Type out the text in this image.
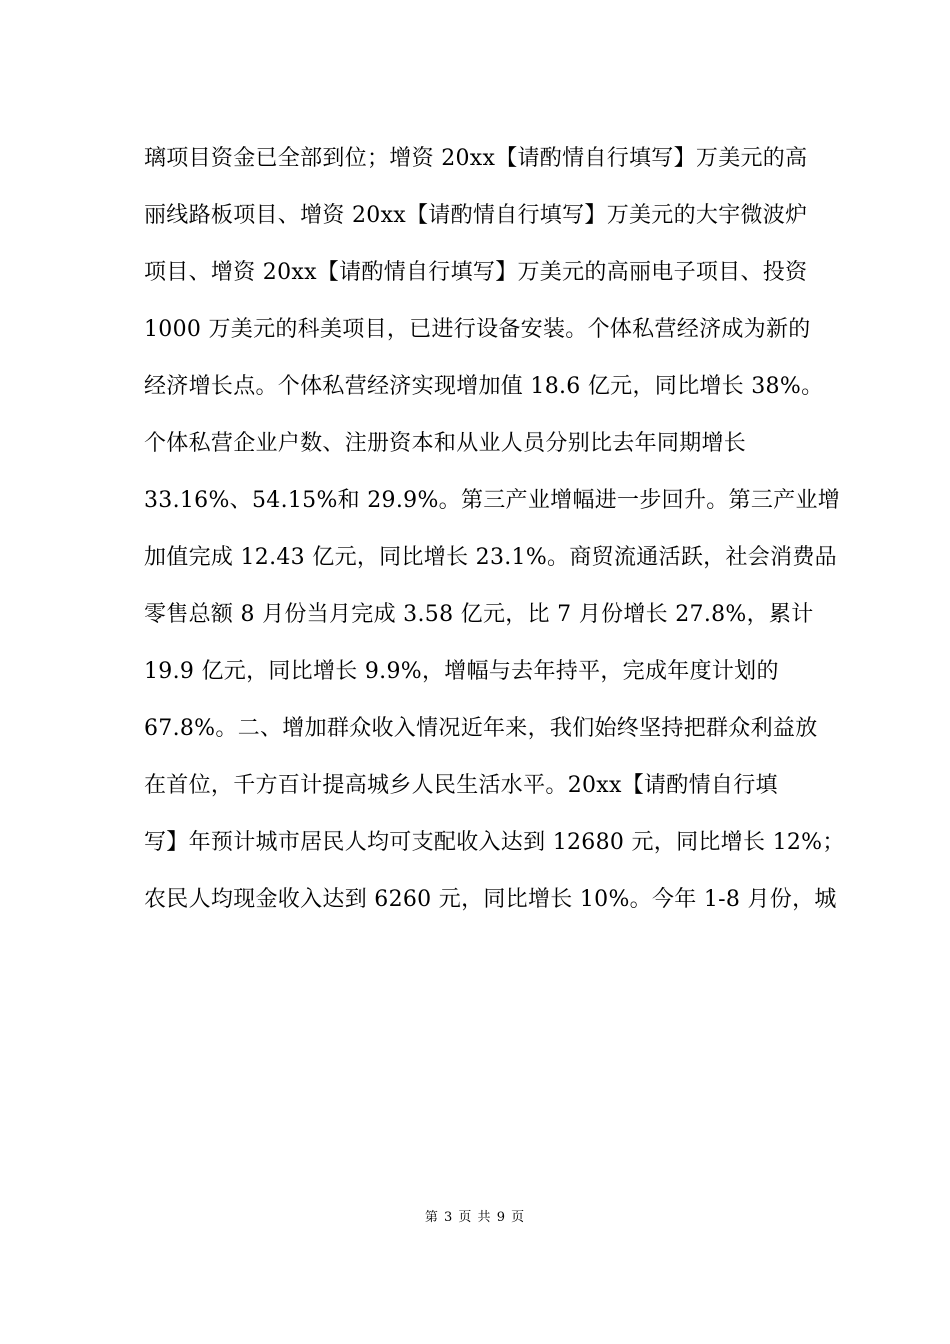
璃项目资金已全部到位；增资 20xx【请酌情自行填写】万美元的高
丽线路板项目、增资 20xx【请酌情自行填写】万美元的大宇微波炉
项目、增资 20xx【请酌情自行填写】万美元的高丽电子项目、投资
1000 万美元的科美项目，已进行设备安装。个体私营经济成为新的
经济增长点。个体私营经济实现增加值 18.6 亿元，同比增长 38%。
个体私营企业户数、注册资本和从业人员分别比去年同期增长
33.16%、54.15%和 29.9%。第三产业增幅进一步回升。第三产业增
加值完成 12.43 亿元，同比增长 23.1%。商贸流通活跃，社会消费品
零售总额 8 月份当月完成 3.58 亿元，比 7 月份增长 27.8%，累计
19.9 亿元，同比增长 9.9%，增幅与去年持平，完成年度计划的
67.8%。二、增加群众收入情况近年来，我们始终坚持把群众利益放
在首位，千方百计提高城乡人民生活水平。20xx【请酌情自行填
写】年预计城市居民人均可支配收入达到 12680 元，同比增长 12%；
农民人均现金收入达到 6260 元，同比增长 10%。今年 1-8 月份，城
第 3 页 共 9 页
